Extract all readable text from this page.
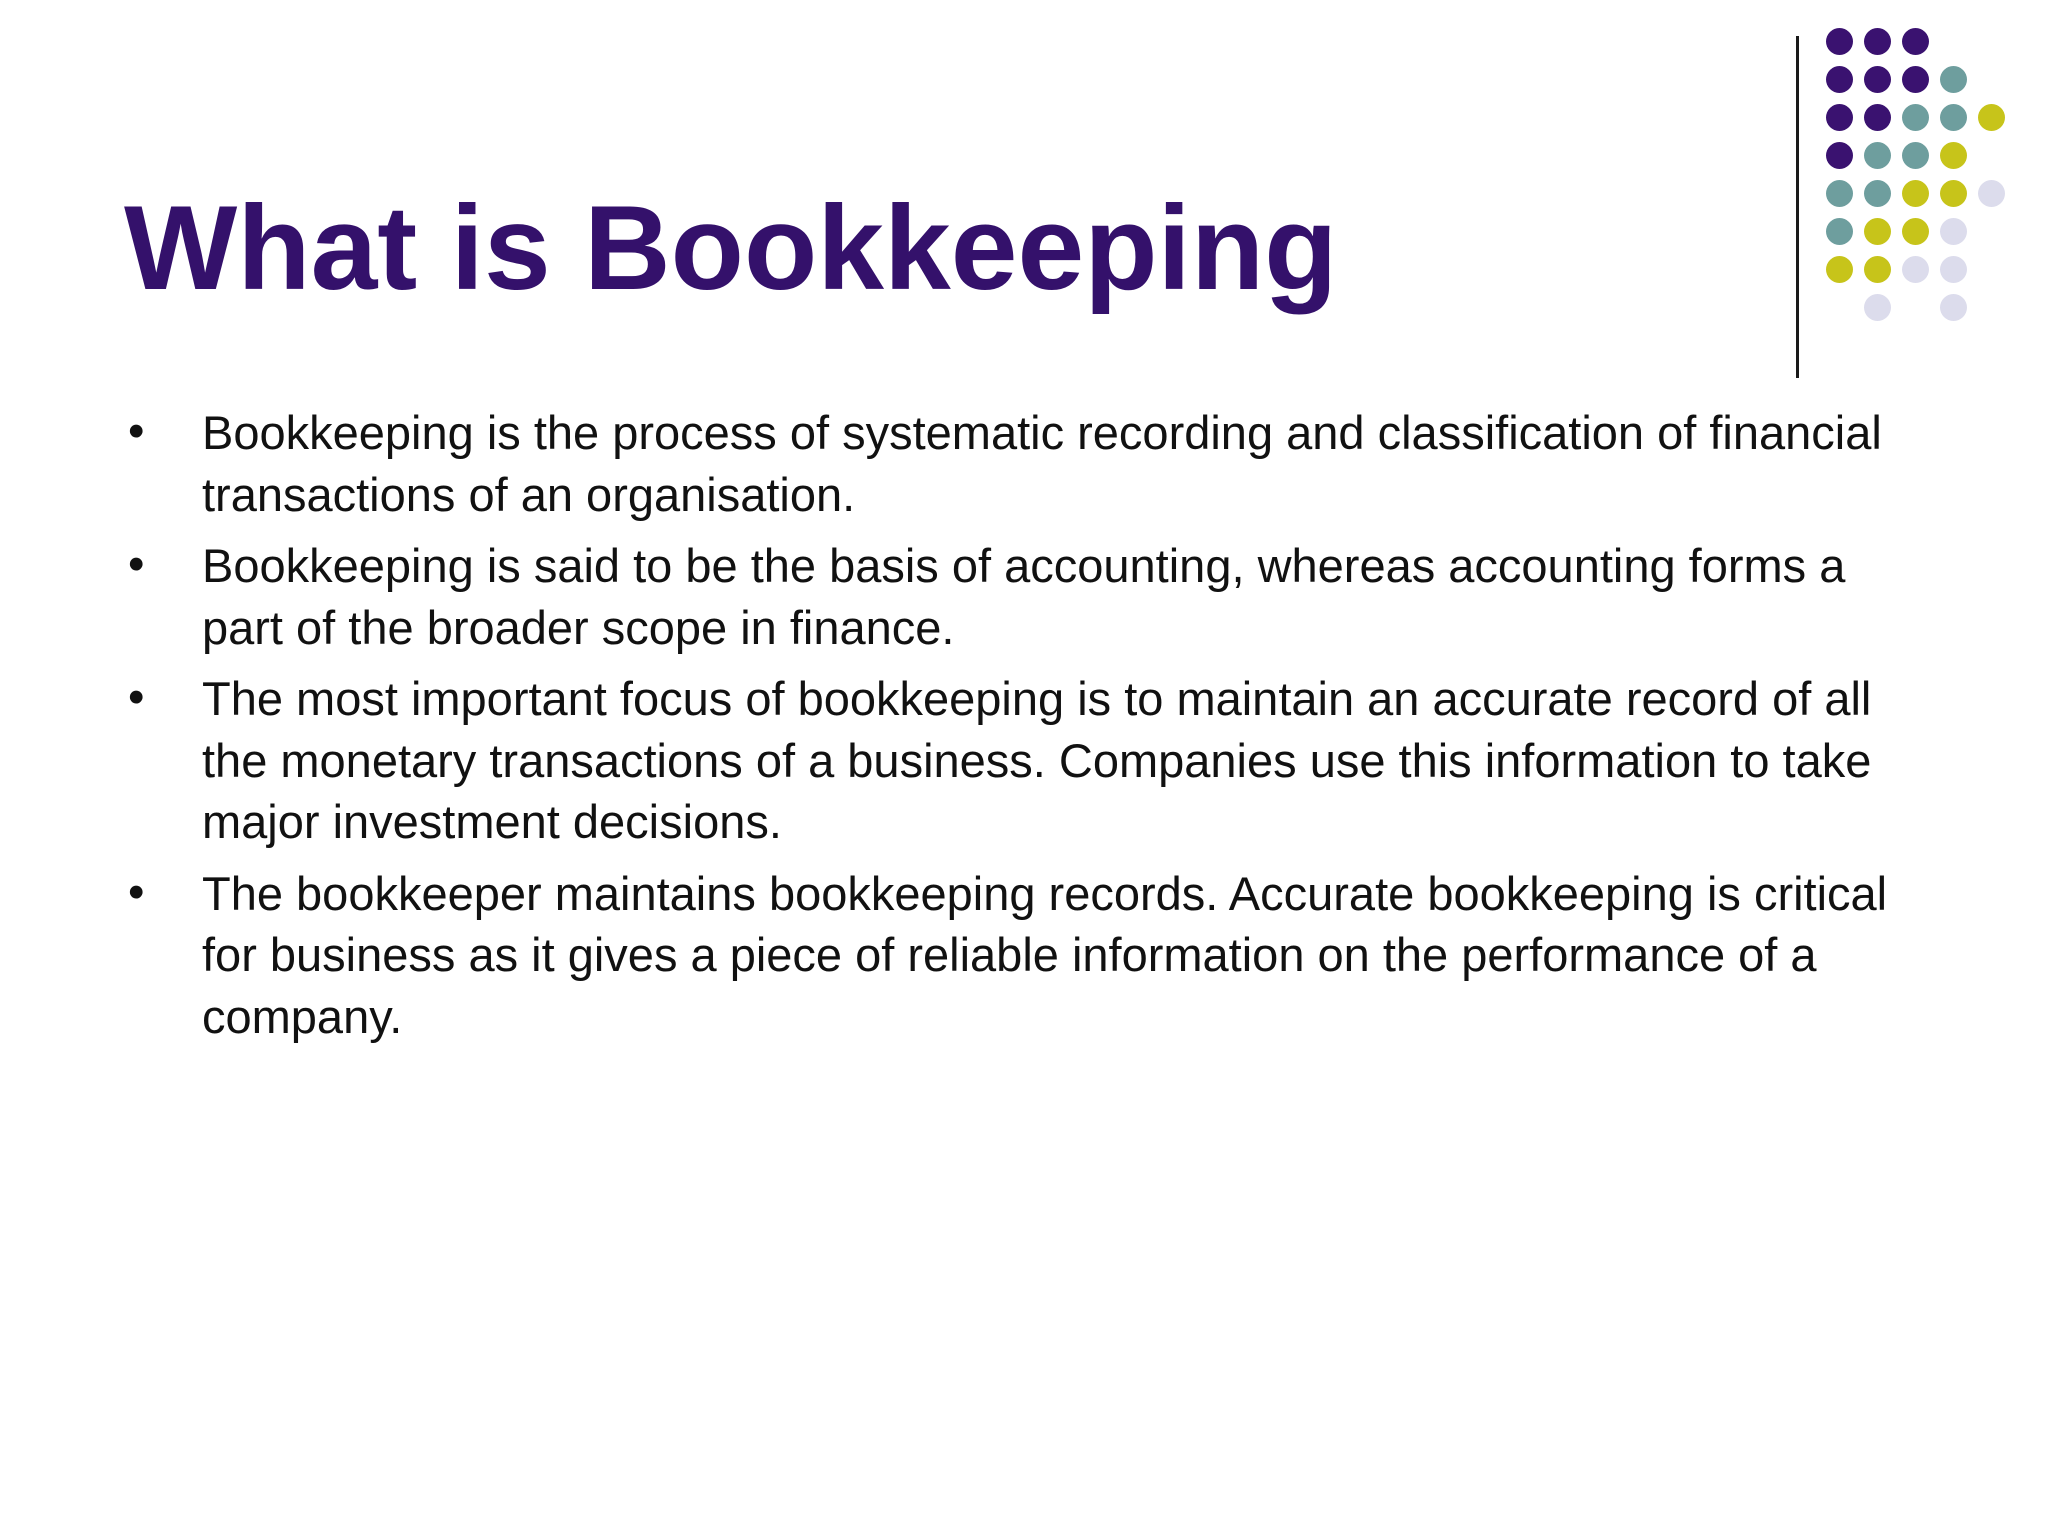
What is Bookkeeping
• Bookkeeping is the process of systematic recording and classification of financial transactions of an organisation.
• Bookkeeping is said to be the basis of accounting, whereas accounting forms a part of the broader scope in finance.
• The most important focus of bookkeeping is to maintain an accurate record of all the monetary transactions of a business. Companies use this information to take major investment decisions.
• The bookkeeper maintains bookkeeping records. Accurate bookkeeping is critical for business as it gives a piece of reliable information on the performance of a company.
